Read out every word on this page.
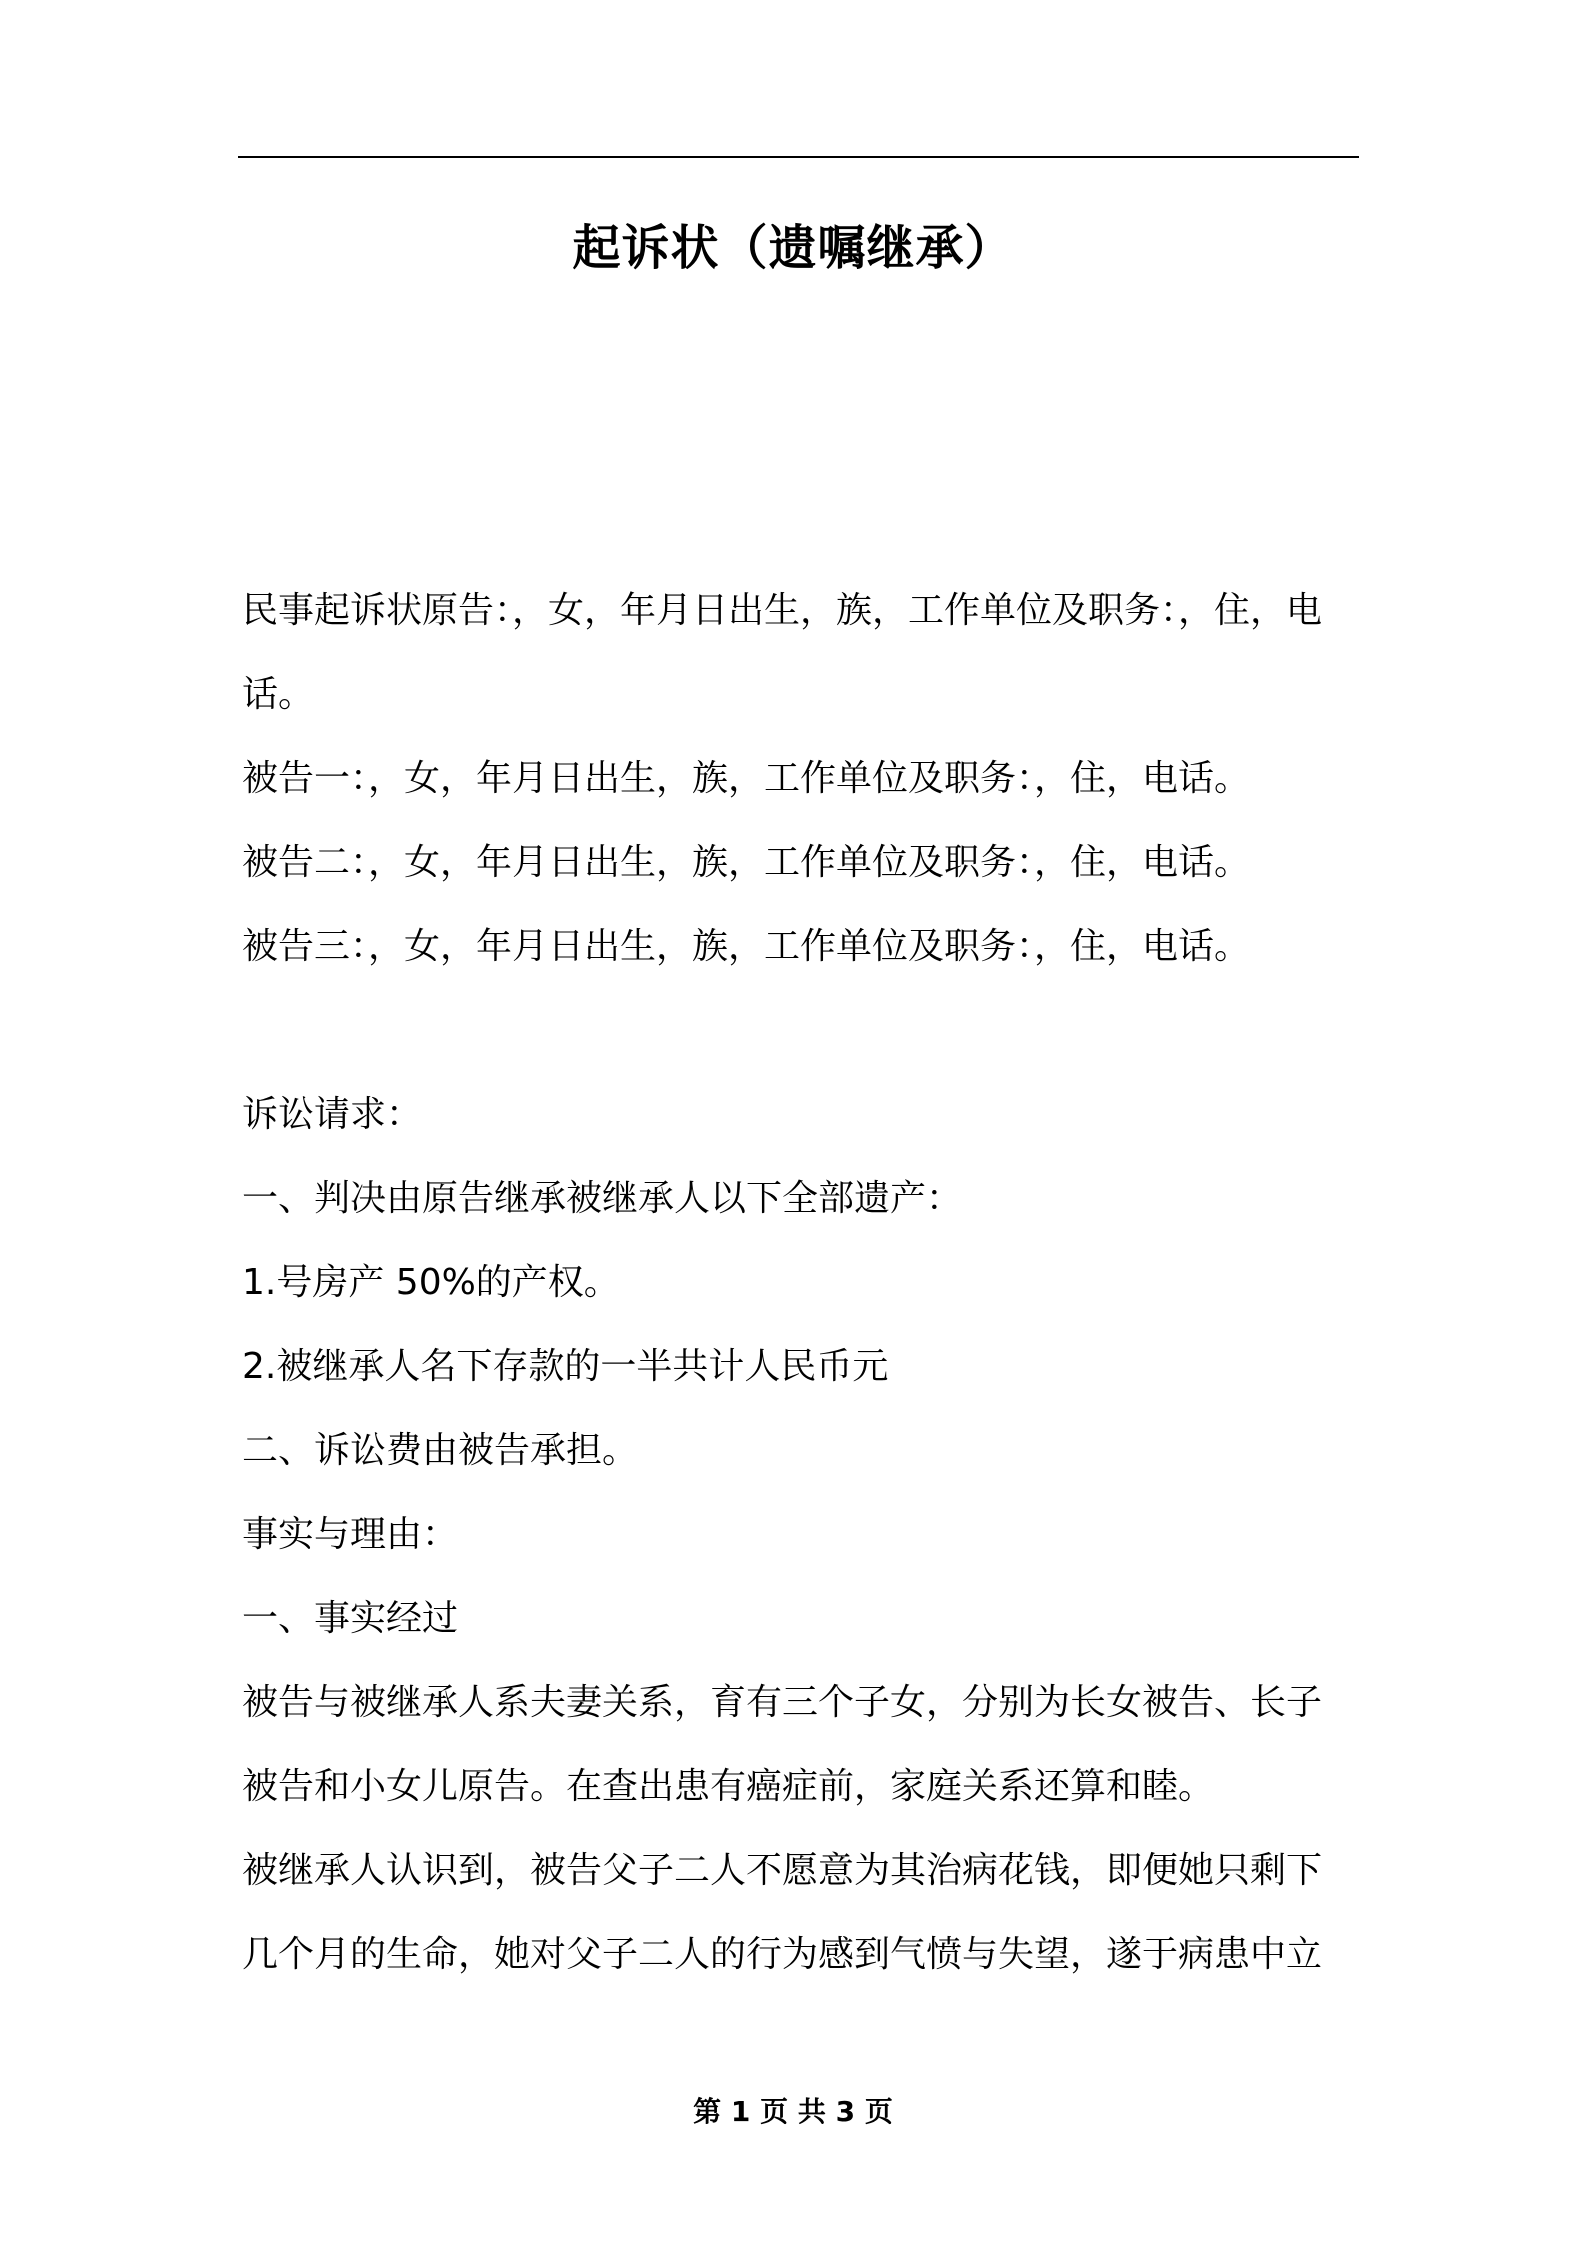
起诉状（遗嘱继承）
民事起诉状原告：，女，年月日出生，族，工作单位及职务：，住，电
话。
被告一：，女，年月日出生，族，工作单位及职务：，住，电话。
被告二：，女，年月日出生，族，工作单位及职务：，住，电话。
被告三：，女，年月日出生，族，工作单位及职务：，住，电话。
诉讼请求：
一、判决由原告继承被继承人以下全部遗产：
1.号房产 50%的产权。
2.被继承人名下存款的一半共计人民币元
二、诉讼费由被告承担。
事实与理由：
一、事实经过
被告与被继承人系夫妻关系，育有三个子女，分别为长女被告、长子
被告和小女儿原告。在查出患有癌症前，家庭关系还算和睦。
被继承人认识到，被告父子二人不愿意为其治病花钱，即便她只剩下
几个月的生命，她对父子二人的行为感到气愤与失望，遂于病患中立
第 1 页 共 3 页
